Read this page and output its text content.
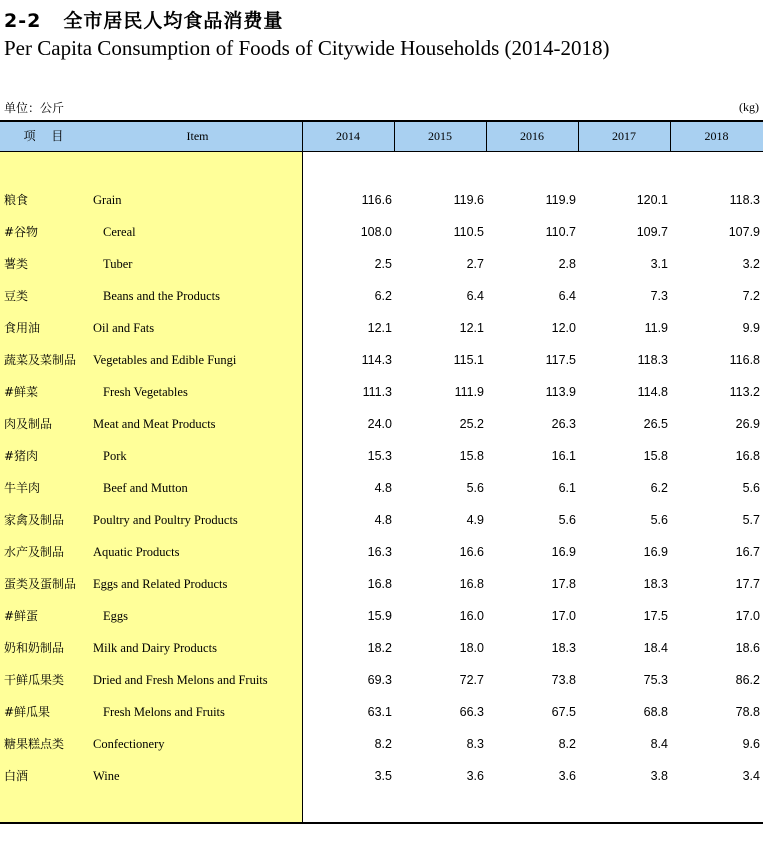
2-2 全市居民人均食品消费量
Per Capita Consumption of Foods of Citywide Households (2014-2018)
单位：公斤	(kg)
项 目	Item	2014	2015	2016	2017	2018
粮食	Grain	116.6	119.6	119.9	120.1	118.3
#谷物	Cereal	108.0	110.5	110.7	109.7	107.9
薯类	Tuber	2.5	2.7	2.8	3.1	3.2
豆类	Beans and the Products	6.2	6.4	6.4	7.3	7.2
食用油	Oil and Fats	12.1	12.1	12.0	11.9	9.9
蔬菜及菜制品 Vegetables and Edible Fungi	114.3	115.1	117.5	118.3	116.8
#鲜菜	Fresh Vegetables	111.3	111.9	113.9	114.8	113.2
肉及制品	Meat and Meat Products	24.0	25.2	26.3	26.5	26.9
#猪肉	Pork	15.3	15.8	16.1	15.8	16.8
牛羊肉	Beef and Mutton	4.8	5.6	6.1	6.2	5.6
家禽及制品 Poultry and Poultry Products	4.8	4.9	5.6	5.6	5.7
水产及制品 Aquatic Products	16.3	16.6	16.9	16.9	16.7
蛋类及蛋制品 Eggs and Related Products	16.8	16.8	17.8	18.3	17.7
#鲜蛋	Eggs	15.9	16.0	17.0	17.5	17.0
奶和奶制品 Milk and Dairy Products	18.2	18.0	18.3	18.4	18.6
干鲜瓜果类 Dried and Fresh Melons and Fruits	69.3	72.7	73.8	75.3	86.2
#鲜瓜果	Fresh Melons and Fruits	63.1	66.3	67.5	68.8	78.8
糖果糕点类 Confectionery	8.2	8.3	8.2	8.4	9.6
白酒	Wine	3.5	3.6	3.6	3.8	3.4
